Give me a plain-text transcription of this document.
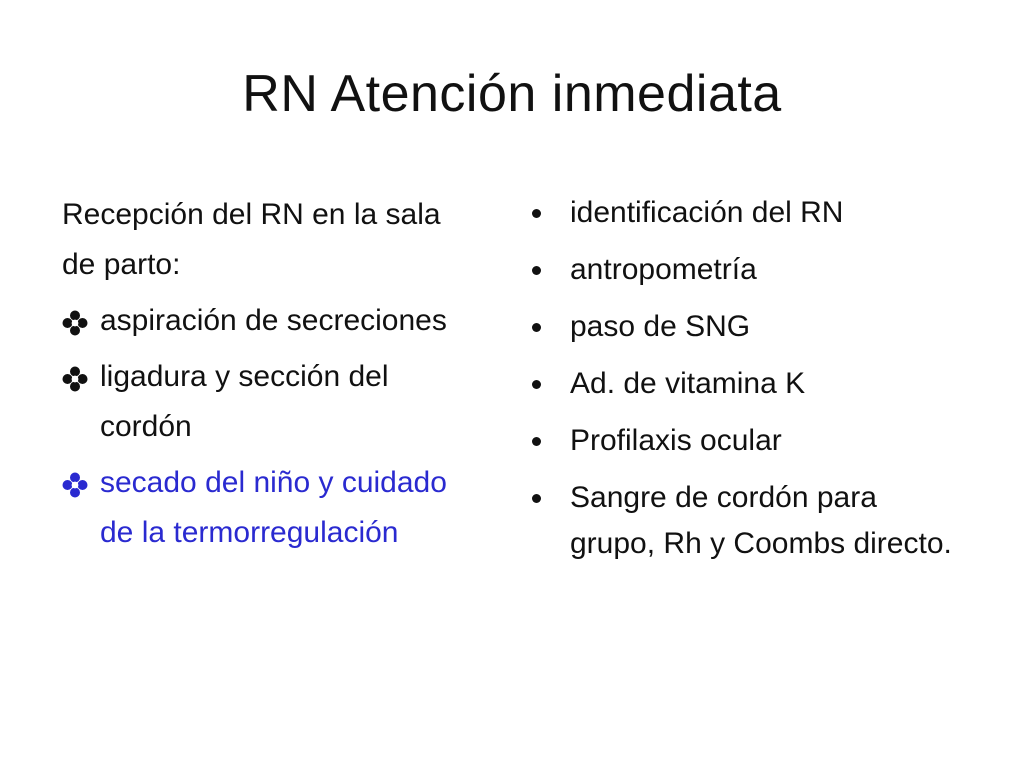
RN Atención inmediata
Recepción del RN en la sala de parto:
aspiración de secreciones
ligadura y sección del cordón
secado del niño y cuidado de la termorregulación
identificación del RN
antropometría
paso de SNG
Ad. de vitamina K
Profilaxis ocular
Sangre de cordón para grupo, Rh y Coombs directo.
